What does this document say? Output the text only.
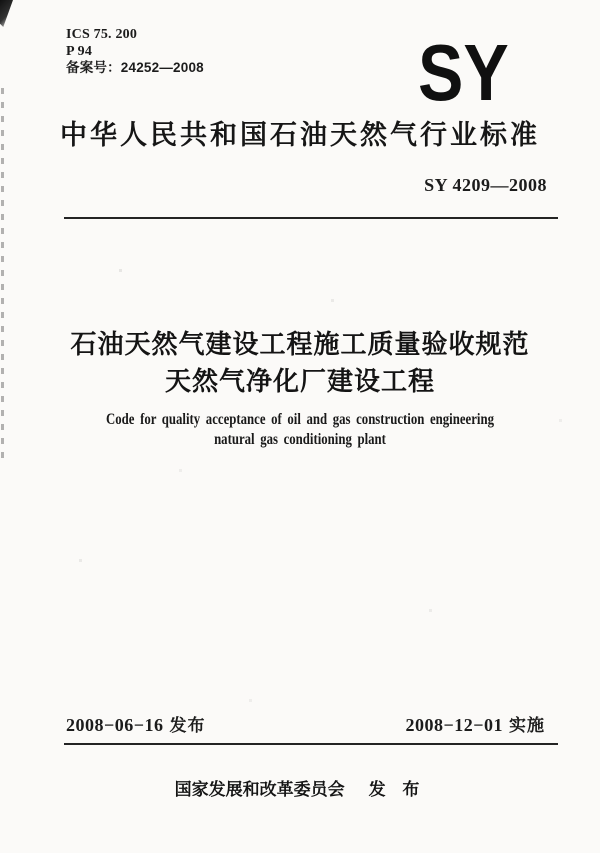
ICS 75. 200
P 94
备案号：24252—2008	SY
中华人民共和国石油天然气行业标准
SY 4209—2008
石油天然气建设工程施工质量验收规范
天然气净化厂建设工程
Code for quality acceptance of oil and gas construction engineering
natural gas conditioning plant
2008−06−16 发布	2008−12−01 实施
国家发展和改革委员会 发 布
